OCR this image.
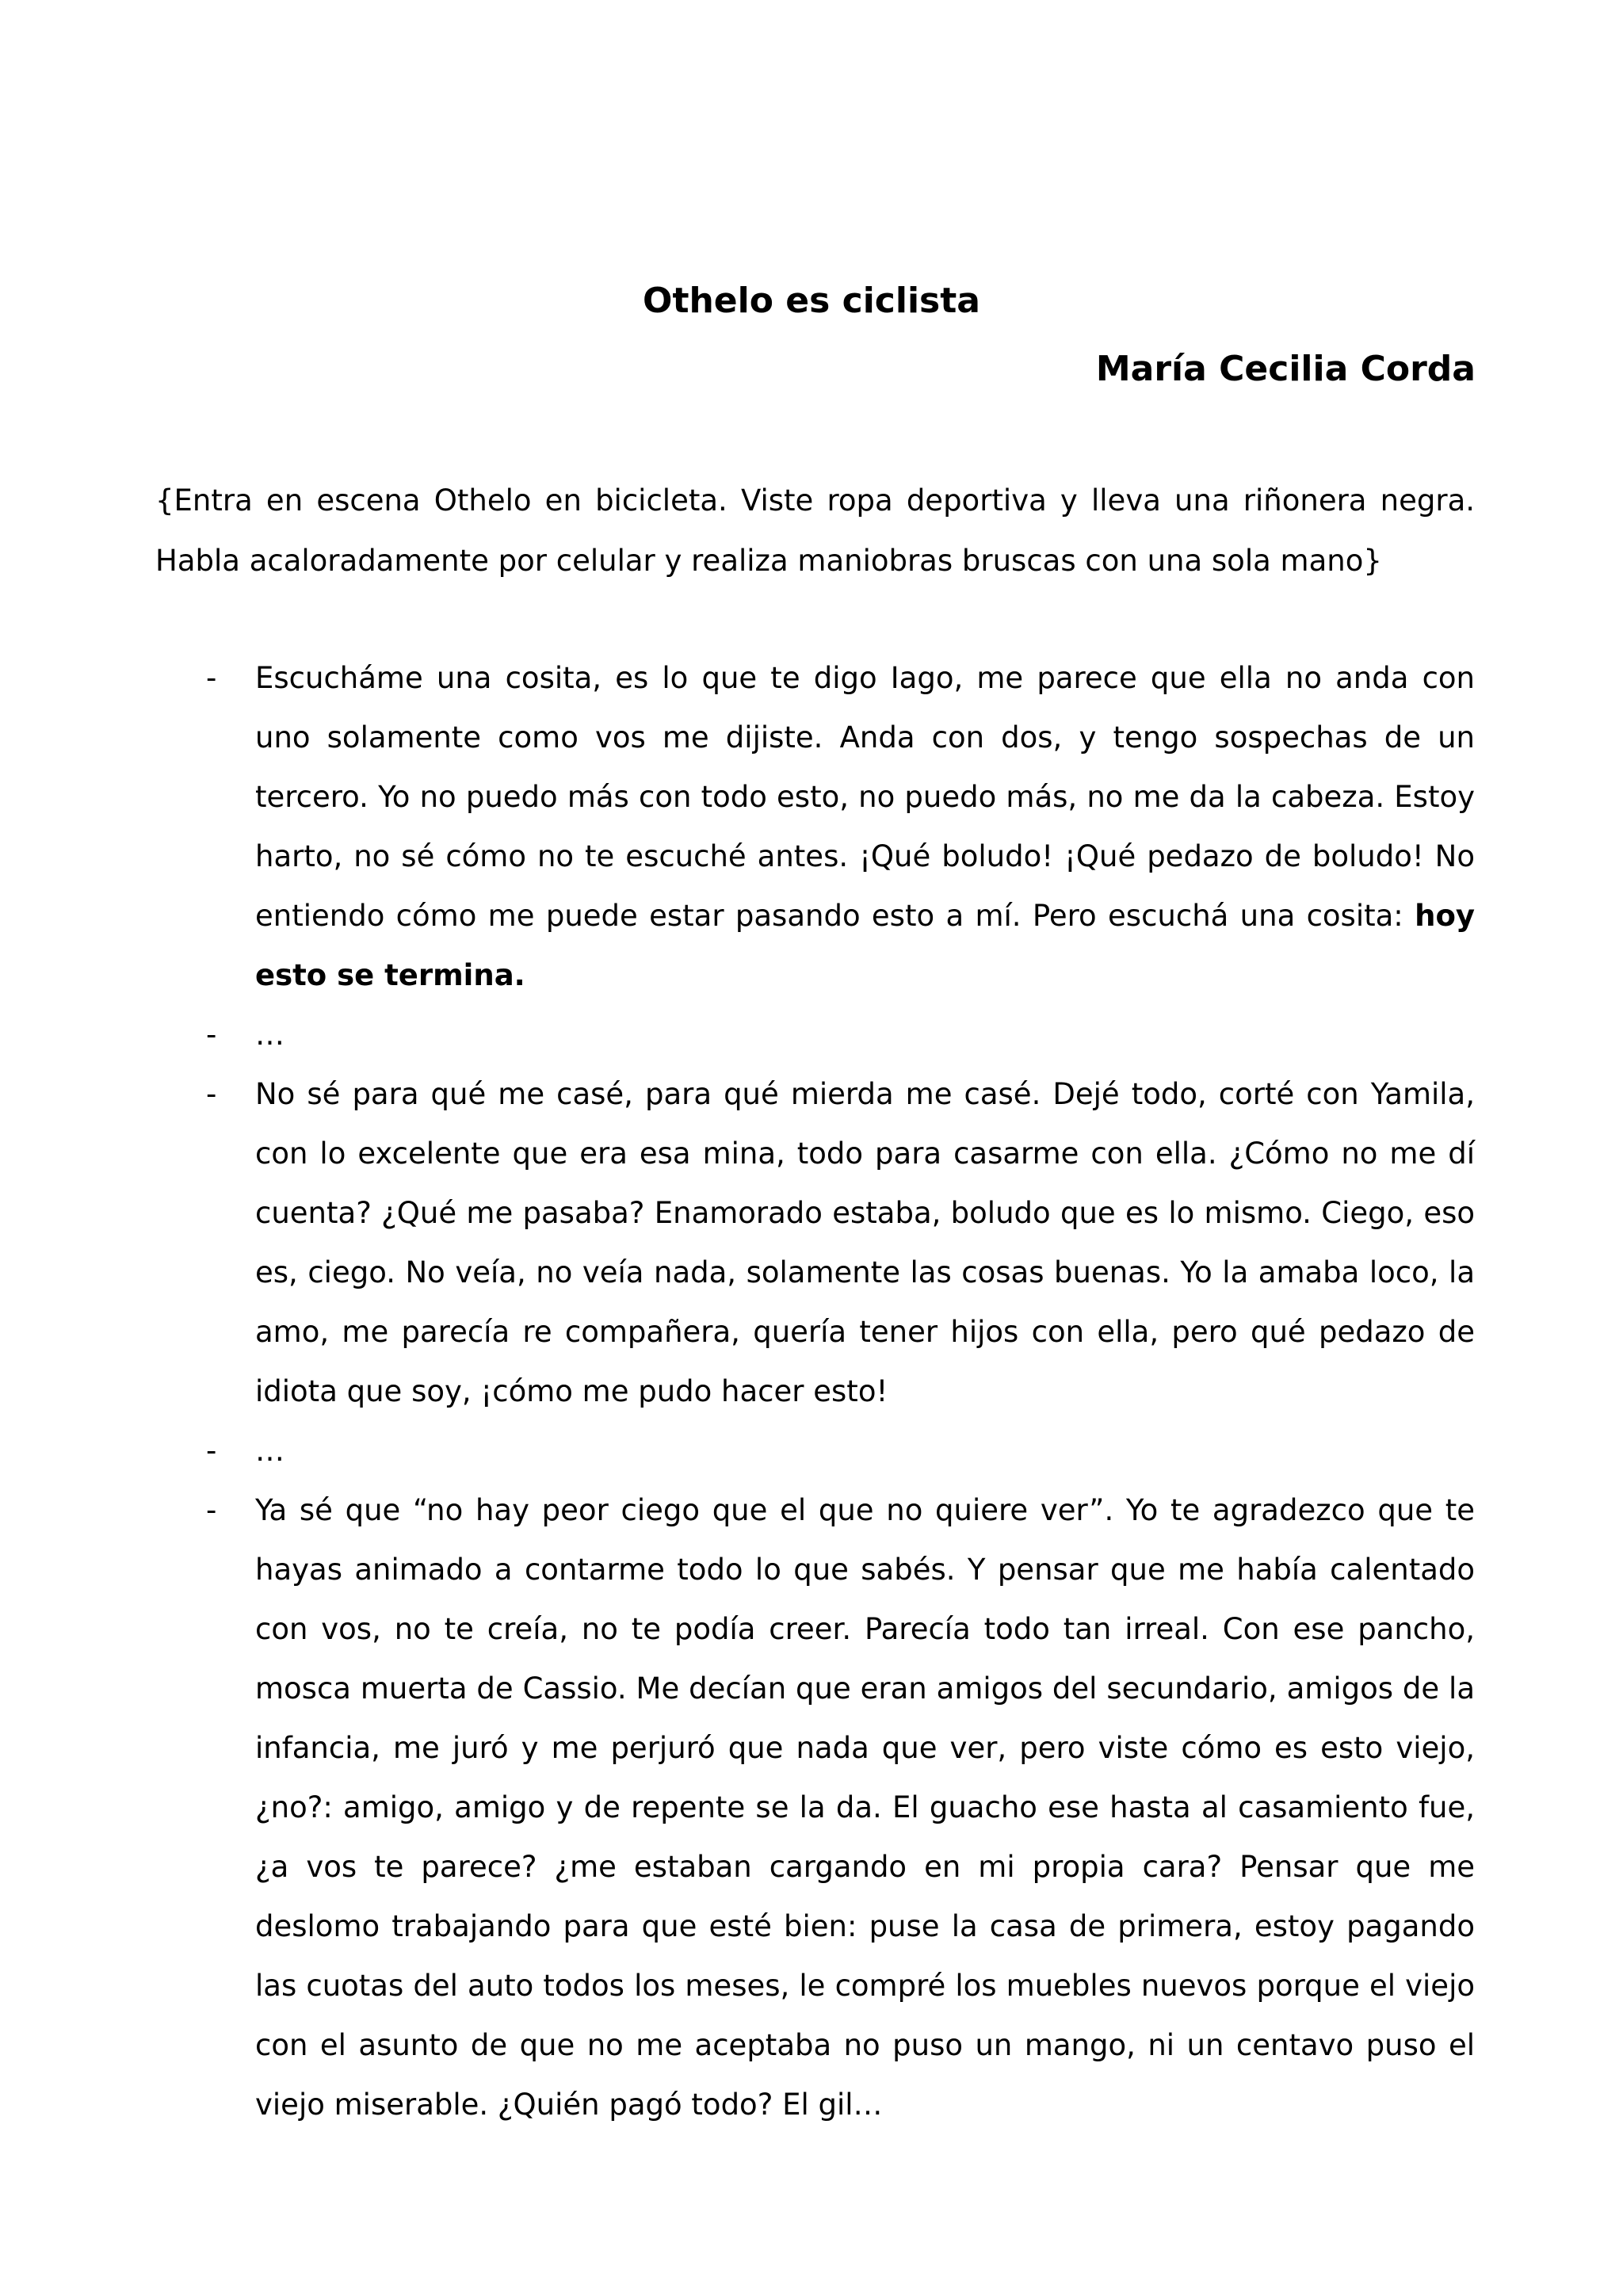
Othelo es ciclista
María Cecilia Corda

{Entra en escena Othelo en bicicleta. Viste ropa deportiva y lleva una riñonera negra. Habla acaloradamente por celular y realiza maniobras bruscas con una sola mano}

- Escucháme una cosita, es lo que te digo Iago, me parece que ella no anda con uno solamente como vos me dijiste. Anda con dos, y tengo sospechas de un tercero. Yo no puedo más con todo esto, no puedo más, no me da la cabeza. Estoy harto, no sé cómo no te escuché antes. ¡Qué boludo! ¡Qué pedazo de boludo! No entiendo cómo me puede estar pasando esto a mí. Pero escuchá una cosita: hoy esto se termina.
- …
- No sé para qué me casé, para qué mierda me casé. Dejé todo, corté con Yamila, con lo excelente que era esa mina, todo para casarme con ella. ¿Cómo no me dí cuenta? ¿Qué me pasaba? Enamorado estaba, boludo que es lo mismo. Ciego, eso es, ciego. No veía, no veía nada, solamente las cosas buenas. Yo la amaba loco, la amo, me parecía re compañera, quería tener hijos con ella, pero qué pedazo de idiota que soy, ¡cómo me pudo hacer esto!
- …
- Ya sé que “no hay peor ciego que el que no quiere ver”. Yo te agradezco que te hayas animado a contarme todo lo que sabés. Y pensar que me había calentado con vos, no te creía, no te podía creer. Parecía todo tan irreal. Con ese pancho, mosca muerta de Cassio. Me decían que eran amigos del secundario, amigos de la infancia, me juró y me perjuró que nada que ver, pero viste cómo es esto viejo, ¿no?: amigo, amigo y de repente se la da. El guacho ese hasta al casamiento fue, ¿a vos te parece? ¿me estaban cargando en mi propia cara? Pensar que me deslomo trabajando para que esté bien: puse la casa de primera, estoy pagando las cuotas del auto todos los meses, le compré los muebles nuevos porque el viejo con el asunto de que no me aceptaba no puso un mango, ni un centavo puso el viejo miserable. ¿Quién pagó todo? El gil…
